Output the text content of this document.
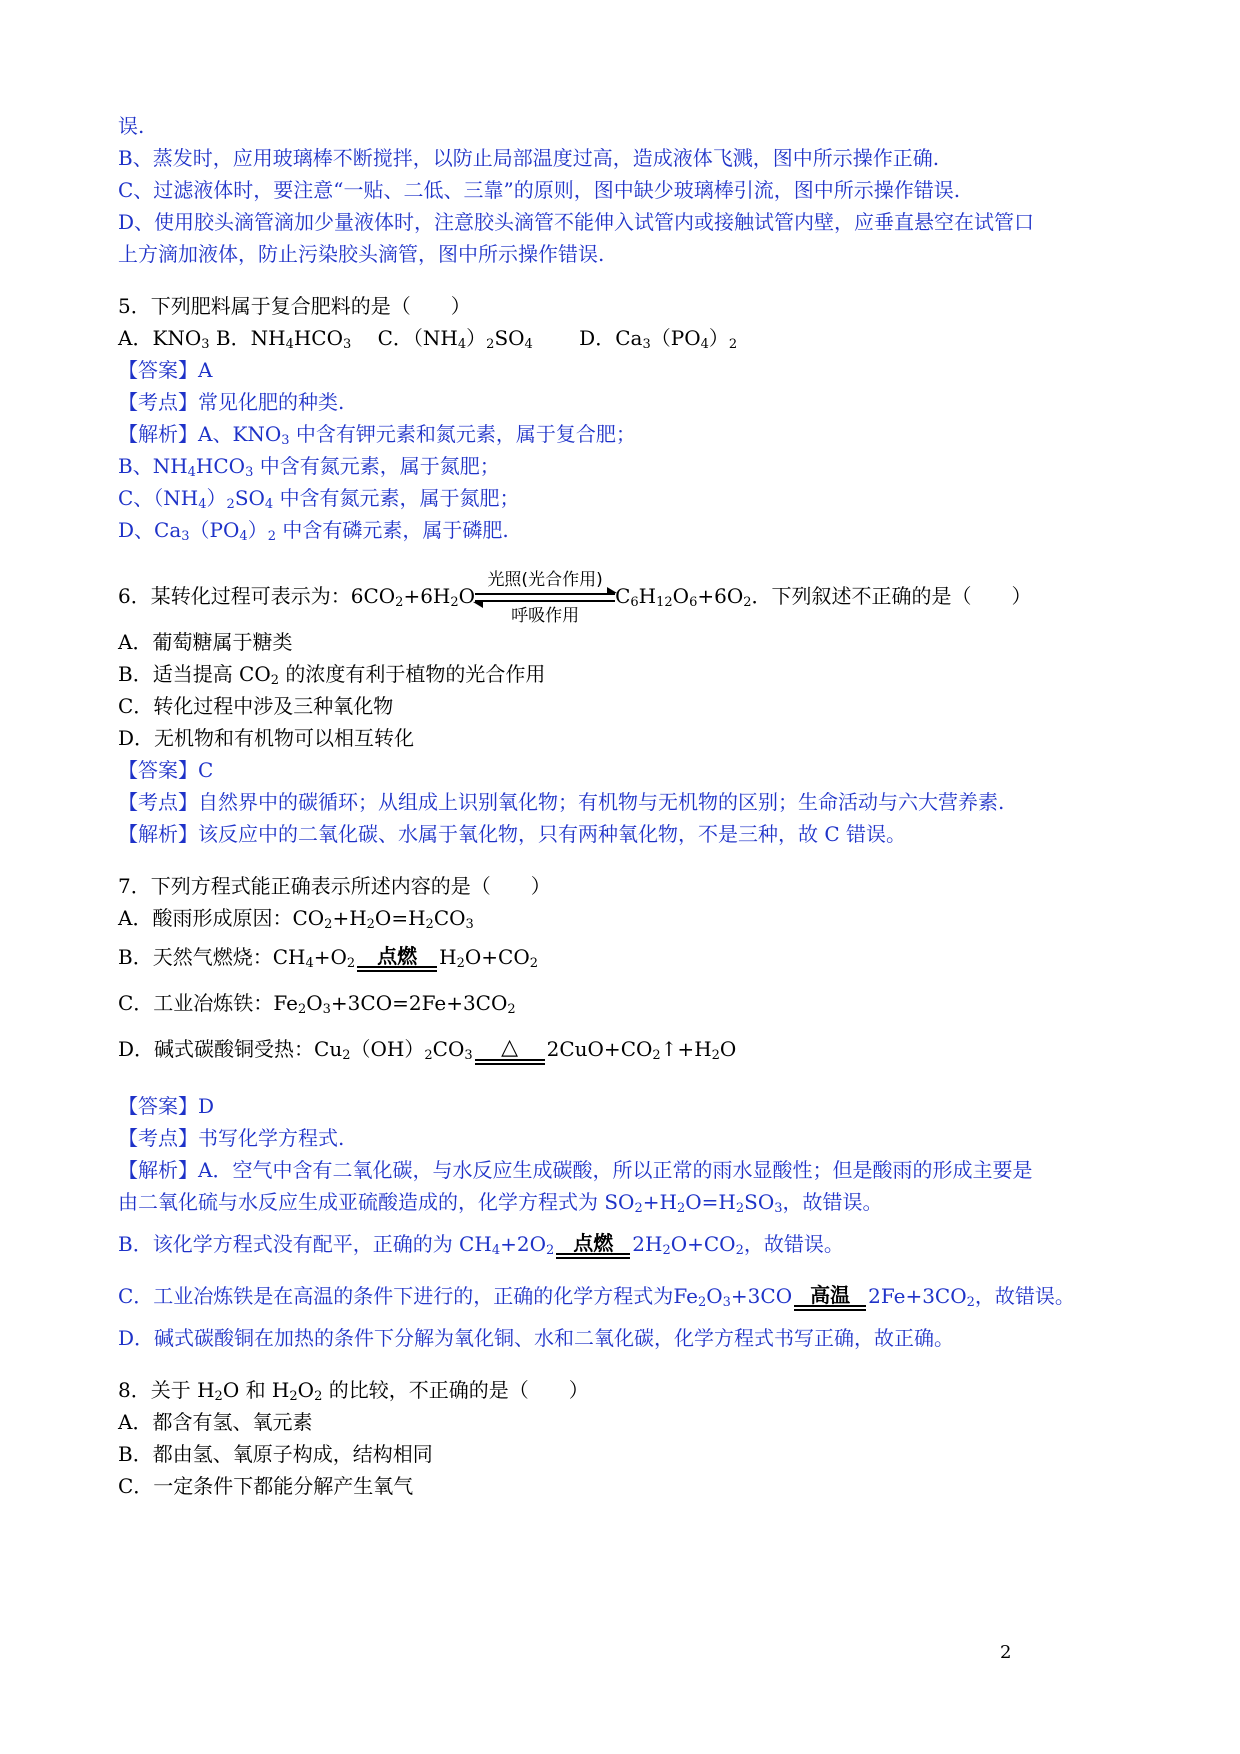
误.
B、蒸发时，应用玻璃棒不断搅拌，以防止局部温度过高，造成液体飞溅，图中所示操作正确.
C、过滤液体时，要注意“一贴、二低、三靠”的原则，图中缺少玻璃棒引流，图中所示操作错误.
D、使用胶头滴管滴加少量液体时，注意胶头滴管不能伸入试管内或接触试管内壁，应垂直悬空在试管口
上方滴加液体，防止污染胶头滴管，图中所示操作错误.
5．下列肥料属于复合肥料的是（　　）
A．$KNO_3$ B．$NH_4HCO_3$　 C．$(NH_4)_2SO_4$　　 D．$Ca_3(PO_4)_2$
【答案】A
【考点】常见化肥的种类.
【解析】A、$KNO_3$ 中含有钾元素和氮元素，属于复合肥；
B、$NH_4HCO_3$ 中含有氮元素，属于氮肥；
C、$(NH_4)_2SO_4$ 中含有氮元素，属于氮肥；
D、$Ca_3(PO_4)_2$ 中含有磷元素，属于磷肥.
6．某转化过程可表示为：$6CO_2+6H_2O$
光照(光合作用)
呼吸作用
$C_6H_{12}O_6+6O_2$．下列叙述不正确的是（　　）
A．葡萄糖属于糖类
B．适当提高 $CO_2$ 的浓度有利于植物的光合作用
C．转化过程中涉及三种氧化物
D．无机物和有机物可以相互转化
【答案】C
【考点】自然界中的碳循环；从组成上识别氧化物；有机物与无机物的区别；生命活动与六大营养素.
【解析】该反应中的二氧化碳、水属于氧化物，只有两种氧化物，不是三种，故 C 错误。
7．下列方程式能正确表示所述内容的是（　　）
A．酸雨形成原因：$CO_2+H_2O=H_2CO_3$
B．天然气燃烧：$CH_4+O_2$	点燃	$H_2O+CO_2$
C．工业冶炼铁：$Fe_2O_3+3CO=2Fe+3CO_2$
D．碱式碳酸铜受热：$Cu_2(OH)_2CO_3$	△	$2CuO+CO_2↑+H_2O$
【答案】D
【考点】书写化学方程式.
【解析】A．空气中含有二氧化碳，与水反应生成碳酸，所以正常的雨水显酸性；但是酸雨的形成主要是
由二氧化硫与水反应生成亚硫酸造成的，化学方程式为 $SO_2+H_2O=H_2SO_3$，故错误。
B．该化学方程式没有配平，正确的为 $CH_4+2O_2$ 点燃 $2H_2O+CO_2$，故错误。
C．工业冶炼铁是在高温的条件下进行的，正确的化学方程式为$Fe_2O_3+3CO$ 高温 $2Fe+3CO_2$，故错误。
D．碱式碳酸铜在加热的条件下分解为氧化铜、水和二氧化碳，化学方程式书写正确，故正确。
8．关于 $H_2O$ 和 $H_2O_2$ 的比较，不正确的是（　　）
A．都含有氢、氧元素
B．都由氢、氧原子构成，结构相同
C．一定条件下都能分解产生氧气
2
